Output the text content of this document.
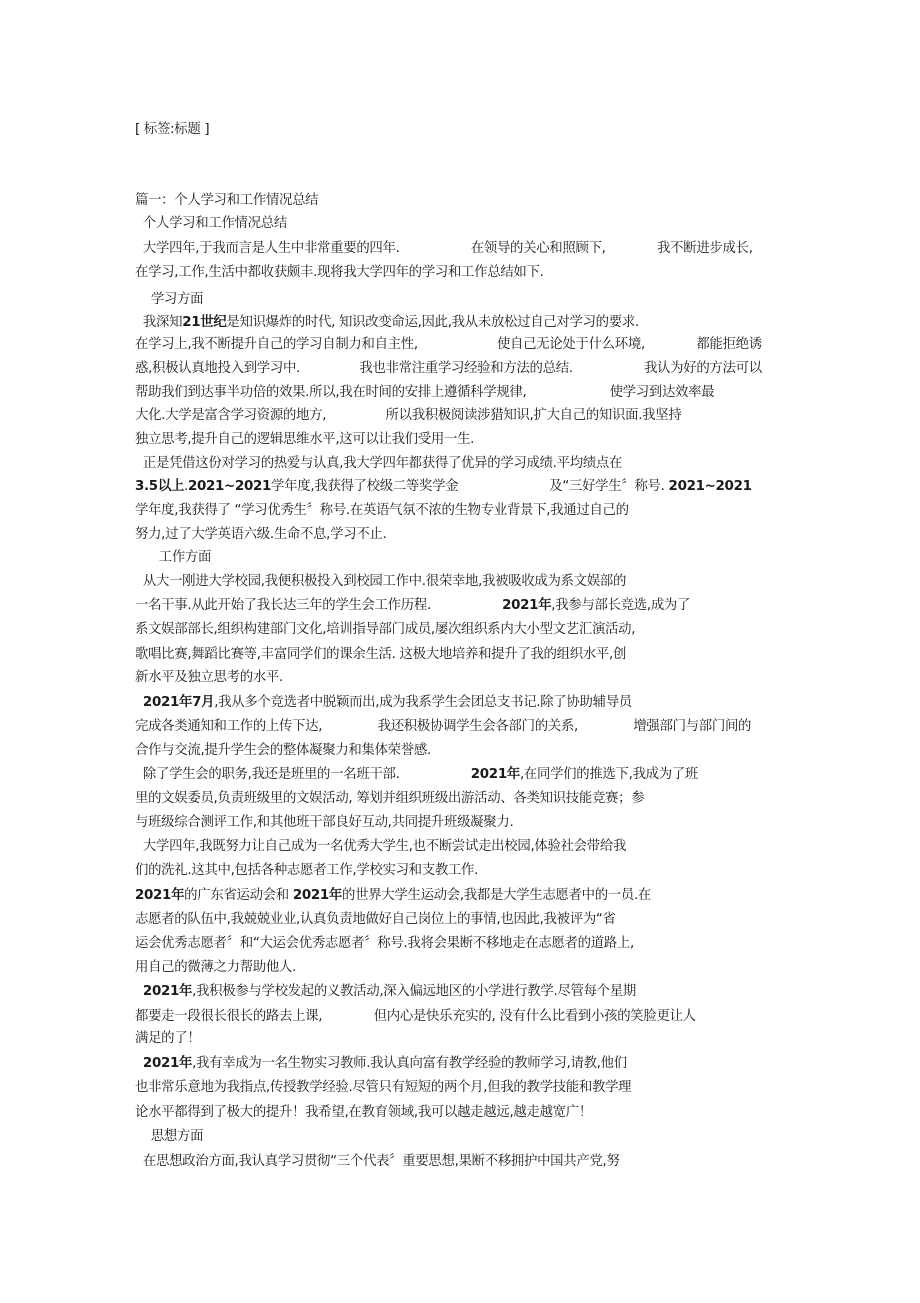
[ 标签:标题 ]
篇一：个人学习和工作情况总结
个人学习和工作情况总结
大学四年,于我而言是人生中非常重要的四年.                  在领导的关心和照顾下,             我不断进步成长,
在学习,工作,生活中都收获颇丰.现将我大学四年的学习和工作总结如下.
学习方面
我深知21世纪是知识爆炸的时代, 知识改变命运,因此,我从未放松过自己对学习的要求.
在学习上,我不断提升自己的学习自制力和自主性,                    使自己无论处于什么环境,             都能拒绝诱
惑,积极认真地投入到学习中.               我也非常注重学习经验和方法的总结.                  我认为好的方法可以
帮助我们到达事半功倍的效果.所以,我在时间的安排上遵循科学规律,                     使学习到达效率最
大化.大学是富含学习资源的地方,               所以我积极阅读涉猎知识,扩大自己的知识面.我坚持
独立思考,提升自己的逻辑思维水平,这可以让我们受用一生.
正是凭借这份对学习的热爱与认真,我大学四年都获得了优异的学习成绩.平均绩点在
3.5以上.2021~2021学年度,我获得了校级二等奖学金                       及“三好学生〞称号. 2021~2021
学年度,我获得了 “学习优秀生〞称号.在英语气氛不浓的生物专业背景下,我通过自己的
努力,过了大学英语六级.生命不息,学习不止.
工作方面
从大一刚进大学校园,我便积极投入到校园工作中.很荣幸地,我被吸收成为系文娱部的
一名干事.从此开始了我长达三年的学生会工作历程.                  2021年,我参与部长竞选,成为了
系文娱部部长,组织构建部门文化,培训指导部门成员,屡次组织系内大小型文艺汇演活动,
歌唱比赛,舞蹈比赛等,丰富同学们的课余生活. 这极大地培养和提升了我的组织水平,创
新水平及独立思考的水平.
2021年7月,我从多个竞选者中脱颖而出,成为我系学生会团总支书记.除了协助辅导员
完成各类通知和工作的上传下达,              我还积极协调学生会各部门的关系,              增强部门与部门间的
合作与交流,提升学生会的整体凝聚力和集体荣誉感.
除了学生会的职务,我还是班里的一名班干部.                  2021年,在同学们的推选下,我成为了班
里的文娱委员,负责班级里的文娱活动, 筹划并组织班级出游活动、各类知识技能竞赛；参
与班级综合测评工作,和其他班干部良好互动,共同提升班级凝聚力.
大学四年,我既努力让自己成为一名优秀大学生,也不断尝试走出校园,体验社会带给我
们的洗礼.这其中,包括各种志愿者工作,学校实习和支教工作.
2021年的广东省运动会和 2021年的世界大学生运动会,我都是大学生志愿者中的一员.在
志愿者的队伍中,我兢兢业业,认真负责地做好自己岗位上的事情,也因此,我被评为“省
运会优秀志愿者〞和“大运会优秀志愿者〞称号.我将会果断不移地走在志愿者的道路上,
用自己的微薄之力帮助他人.
2021年,我积极参与学校发起的义教活动,深入偏远地区的小学进行教学.尽管每个星期
都要走一段很长很长的路去上课,             但内心是快乐充实的, 没有什么比看到小孩的笑脸更让人
满足的了！
2021年,我有幸成为一名生物实习教师.我认真向富有教学经验的教师学习,请教,他们
也非常乐意地为我指点,传授教学经验.尽管只有短短的两个月,但我的教学技能和教学理
论水平都得到了极大的提升！我希望,在教育领域,我可以越走越远,越走越宽广！
思想方面
在思想政治方面,我认真学习贯彻“三个代表〞重要思想,果断不移拥护中国共产党,努
